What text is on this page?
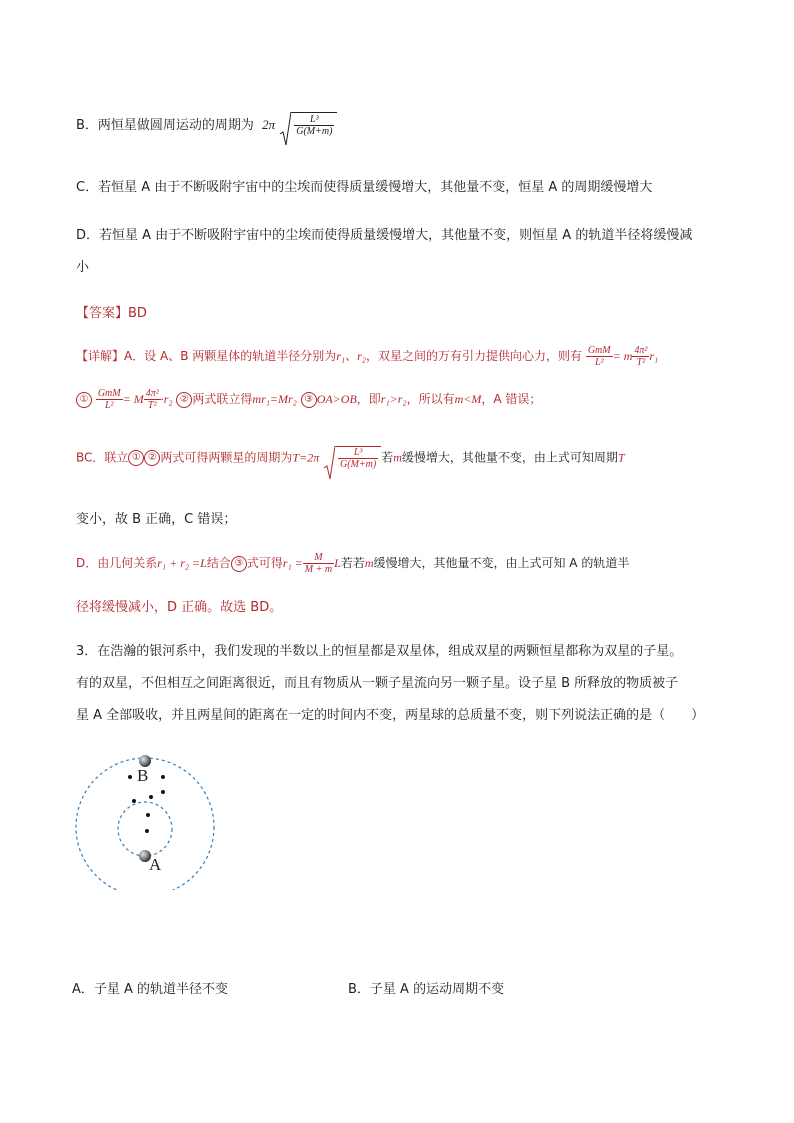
B．两恒星做圆周运动的周期为 $2\pi \frac{\text{L³}}{G(M+m)}$
C．若恒星 A 由于不断吸附宇宙中的尘埃而使得质量缓慢增大，其他量不变，恒星 A 的周期缓慢增大
D．若恒星 A 由于不断吸附宇宙中的尘埃而使得质量缓慢增大，其他量不变，则恒星 A 的轨道半径将缓慢减
小
【答案】BD
【详解】A．设 A、B 两颗星体的轨道半径分别为r₁、r₂，双星之间的万有引力提供向心力，则有 $\frac{\text{GmM}}{\text{L²}} = m \frac{\text{4π²}}{\text{T²}} r_1$
① $\frac{\text{GmM}}{\text{L²}} = M \frac{\text{4π²}}{\text{T²}} \cdot r_2$ ② 两式联立得mr₁=Mr₂ ③ OA>OB，即r₁>r₂，所以有m<M，A 错误；
BC．联立 ① ② 两式可得两颗星的周期为$T=2\pi \frac{\text{L³}}{G(M+m)}$ 若m缓慢增大，其他量不变，由上式可知周期T
变小，故 B 正确，C 错误；
D．由几何关系r₁ + r₂ =L结合 ③ 式可得$r_1 = \frac{M}{M + m}$ L若若m缓慢增大，其他量不变，由上式可知 A 的轨道半
径将缓慢减小，D 正确。故选 BD。
3．在浩瀚的银河系中，我们发现的半数以上的恒星都是双星体，组成双星的两颗恒星都称为双星的子星。
有的双星，不但相互之间距离很近，而且有物质从一颗子星流向另一颗子星。设子星 B 所释放的物质被子
星 A 全部吸收，并且两星间的距离在一定的时间内不变，两星球的总质量不变，则下列说法正确的是（　　）
B
A
A．子星 A 的轨道半径不变	B．子星 A 的运动周期不变
